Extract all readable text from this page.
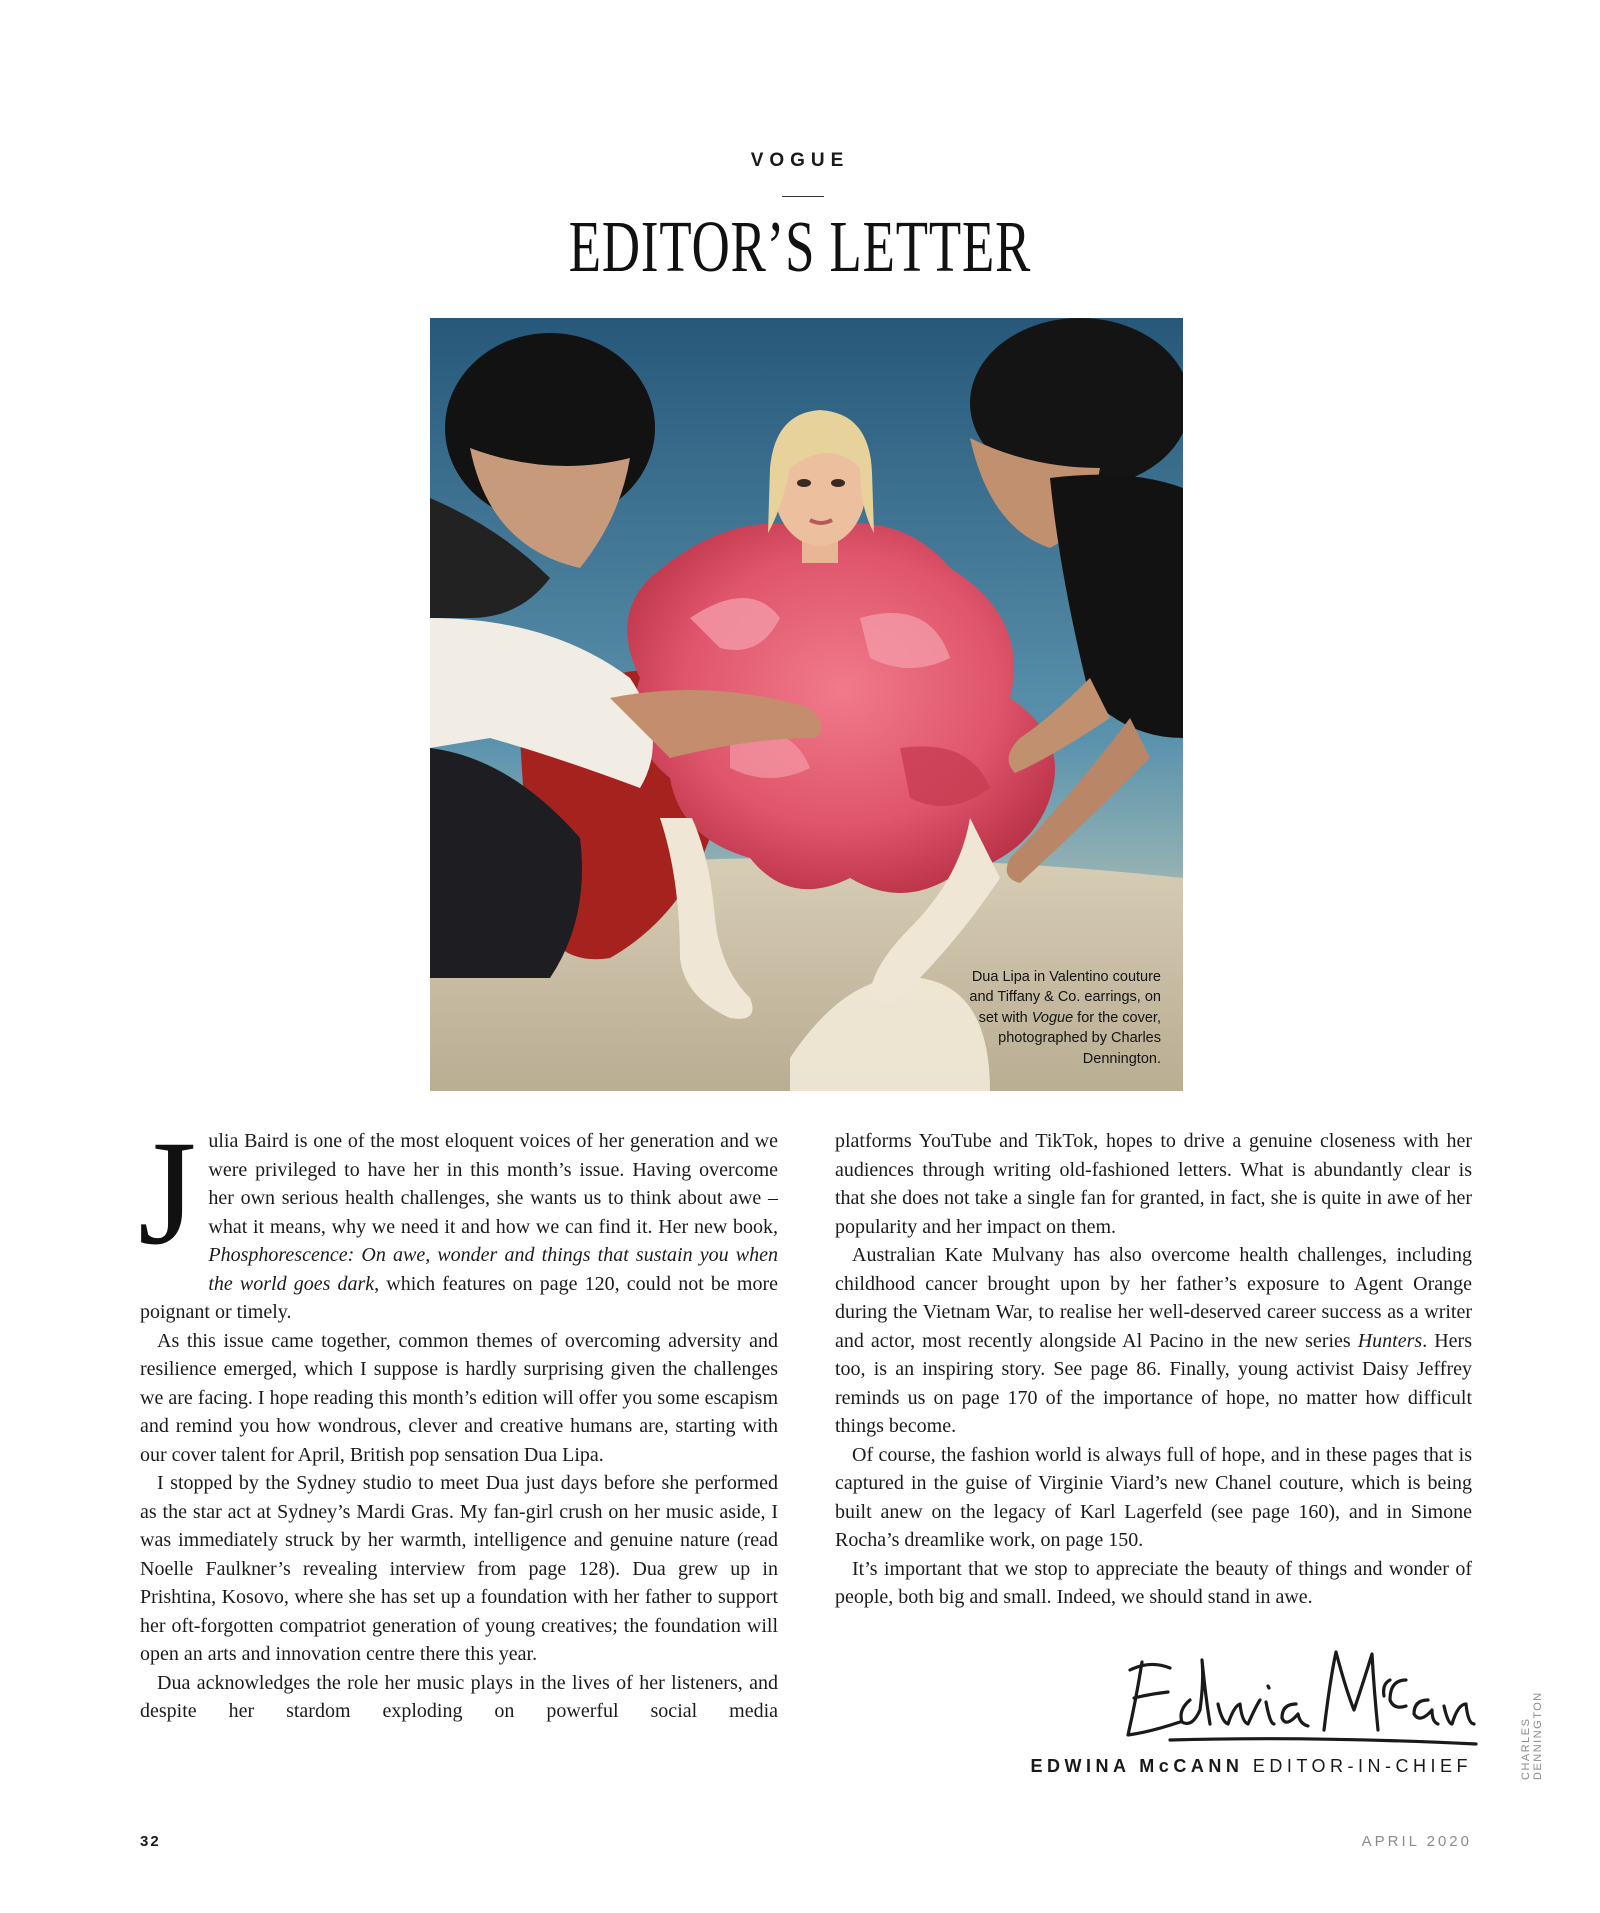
VOGUE
EDITOR’S LETTER
Dua Lipa in Valentino couture and Tiffany & Co. earrings, on set with Vogue for the cover, photographed by Charles Dennington.

Julia Baird is one of the most eloquent voices of her generation and we were privileged to have her in this month’s issue. Having overcome her own serious health challenges, she wants us to think about awe – what it means, why we need it and how we can find it. Her new book, Phosphorescence: On awe, wonder and things that sustain you when the world goes dark, which features on page 120, could not be more poignant or timely.

As this issue came together, common themes of overcoming adversity and resilience emerged, which I suppose is hardly surprising given the challenges we are facing. I hope reading this month’s edition will offer you some escapism and remind you how wondrous, clever and creative humans are, starting with our cover talent for April, British pop sensation Dua Lipa.

I stopped by the Sydney studio to meet Dua just days before she performed as the star act at Sydney’s Mardi Gras. My fan-girl crush on her music aside, I was immediately struck by her warmth, intelligence and genuine nature (read Noelle Faulkner’s revealing interview from page 128). Dua grew up in Prishtina, Kosovo, where she has set up a foundation with her father to support her oft-forgotten compatriot generation of young creatives; the foundation will open an arts and innovation centre there this year.

Dua acknowledges the role her music plays in the lives of her listeners, and despite her stardom exploding on powerful social media

platforms YouTube and TikTok, hopes to drive a genuine closeness with her audiences through writing old-fashioned letters. What is abundantly clear is that she does not take a single fan for granted, in fact, she is quite in awe of her popularity and her impact on them.

Australian Kate Mulvany has also overcome health challenges, including childhood cancer brought upon by her father’s exposure to Agent Orange during the Vietnam War, to realise her well-deserved career success as a writer and actor, most recently alongside Al Pacino in the new series Hunters. Hers too, is an inspiring story. See page 86. Finally, young activist Daisy Jeffrey reminds us on page 170 of the importance of hope, no matter how difficult things become.

Of course, the fashion world is always full of hope, and in these pages that is captured in the guise of Virginie Viard’s new Chanel couture, which is being built anew on the legacy of Karl Lagerfeld (see page 160), and in Simone Rocha’s dreamlike work, on page 150.

It’s important that we stop to appreciate the beauty of things and wonder of people, both big and small. Indeed, we should stand in awe.

EDWINA McCANN EDITOR-IN-CHIEF	CHARLES DENNINGTON
32	APRIL 2020
